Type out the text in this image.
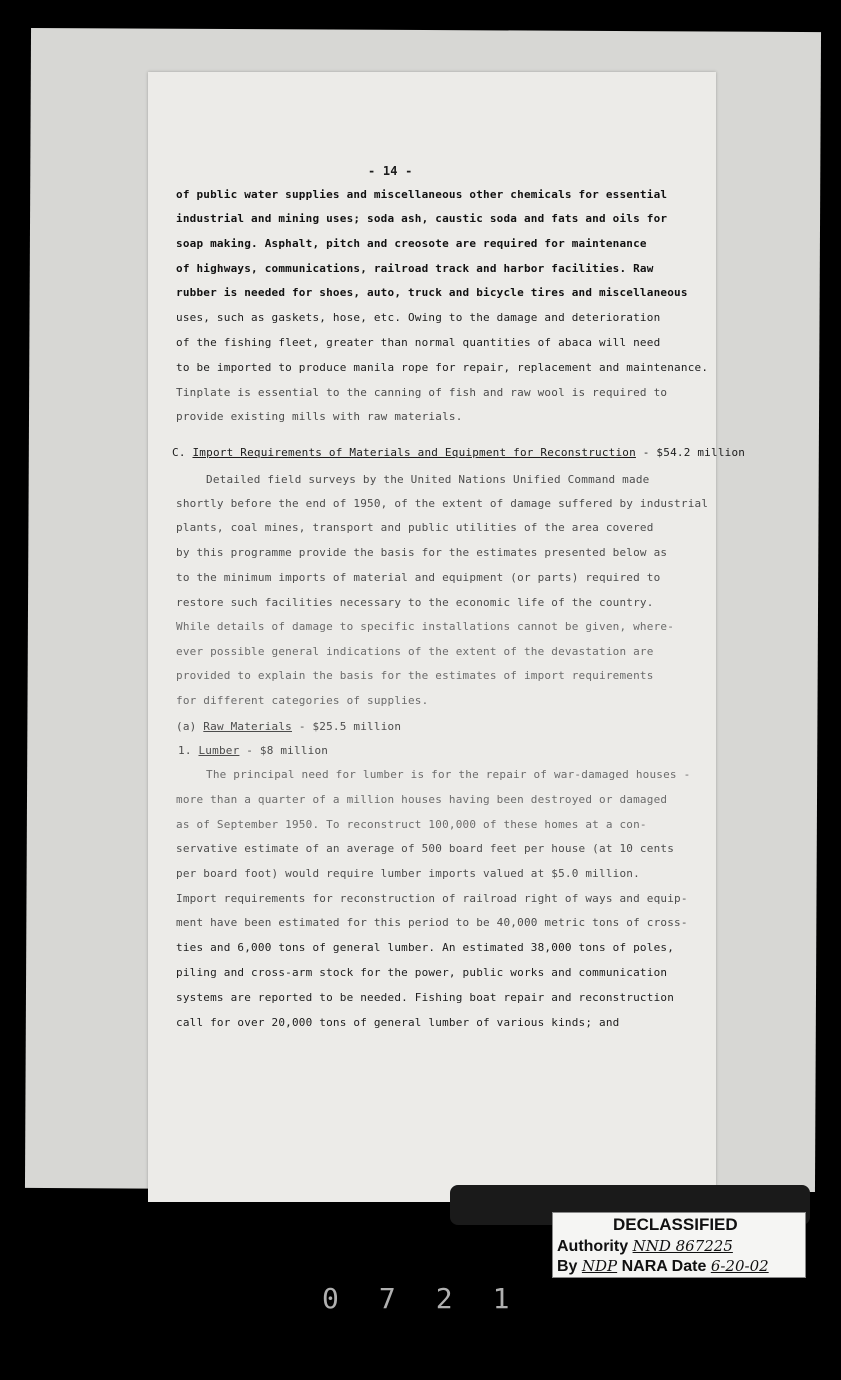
- 14 -
of public water supplies and miscellaneous other chemicals for essential
industrial and mining uses; soda ash, caustic soda and fats and oils for
soap making. Asphalt, pitch and creosote are required for maintenance
of highways, communications, railroad track and harbor facilities. Raw
rubber is needed for shoes, auto, truck and bicycle tires and miscellaneous
uses, such as gaskets, hose, etc. Owing to the damage and deterioration
of the fishing fleet, greater than normal quantities of abaca will need
to be imported to produce manila rope for repair, replacement and maintenance.
Tinplate is essential to the canning of fish and raw wool is required to
provide existing mills with raw materials.
C. Import Requirements of Materials and Equipment for Reconstruction - $54.2 million
Detailed field surveys by the United Nations Unified Command made
shortly before the end of 1950, of the extent of damage suffered by industrial
plants, coal mines, transport and public utilities of the area covered
by this programme provide the basis for the estimates presented below as
to the minimum imports of material and equipment (or parts) required to
restore such facilities necessary to the economic life of the country.
While details of damage to specific installations cannot be given, where-
ever possible general indications of the extent of the devastation are
provided to explain the basis for the estimates of import requirements
for different categories of supplies.
(a) Raw Materials - $25.5 million
1. Lumber - $8 million
The principal need for lumber is for the repair of war-damaged houses -
more than a quarter of a million houses having been destroyed or damaged
as of September 1950. To reconstruct 100,000 of these homes at a con-
servative estimate of an average of 500 board feet per house (at 10 cents
per board foot) would require lumber imports valued at $5.0 million.
Import requirements for reconstruction of railroad right of ways and equip-
ment have been estimated for this period to be 40,000 metric tons of cross-
ties and 6,000 tons of general lumber. An estimated 38,000 tons of poles,
piling and cross-arm stock for the power, public works and communication
systems are reported to be needed. Fishing boat repair and reconstruction
call for over 20,000 tons of general lumber of various kinds; and
DECLASSIFIED
Authority NND 867225
By NDP NARA Date 6-20-02
0721
